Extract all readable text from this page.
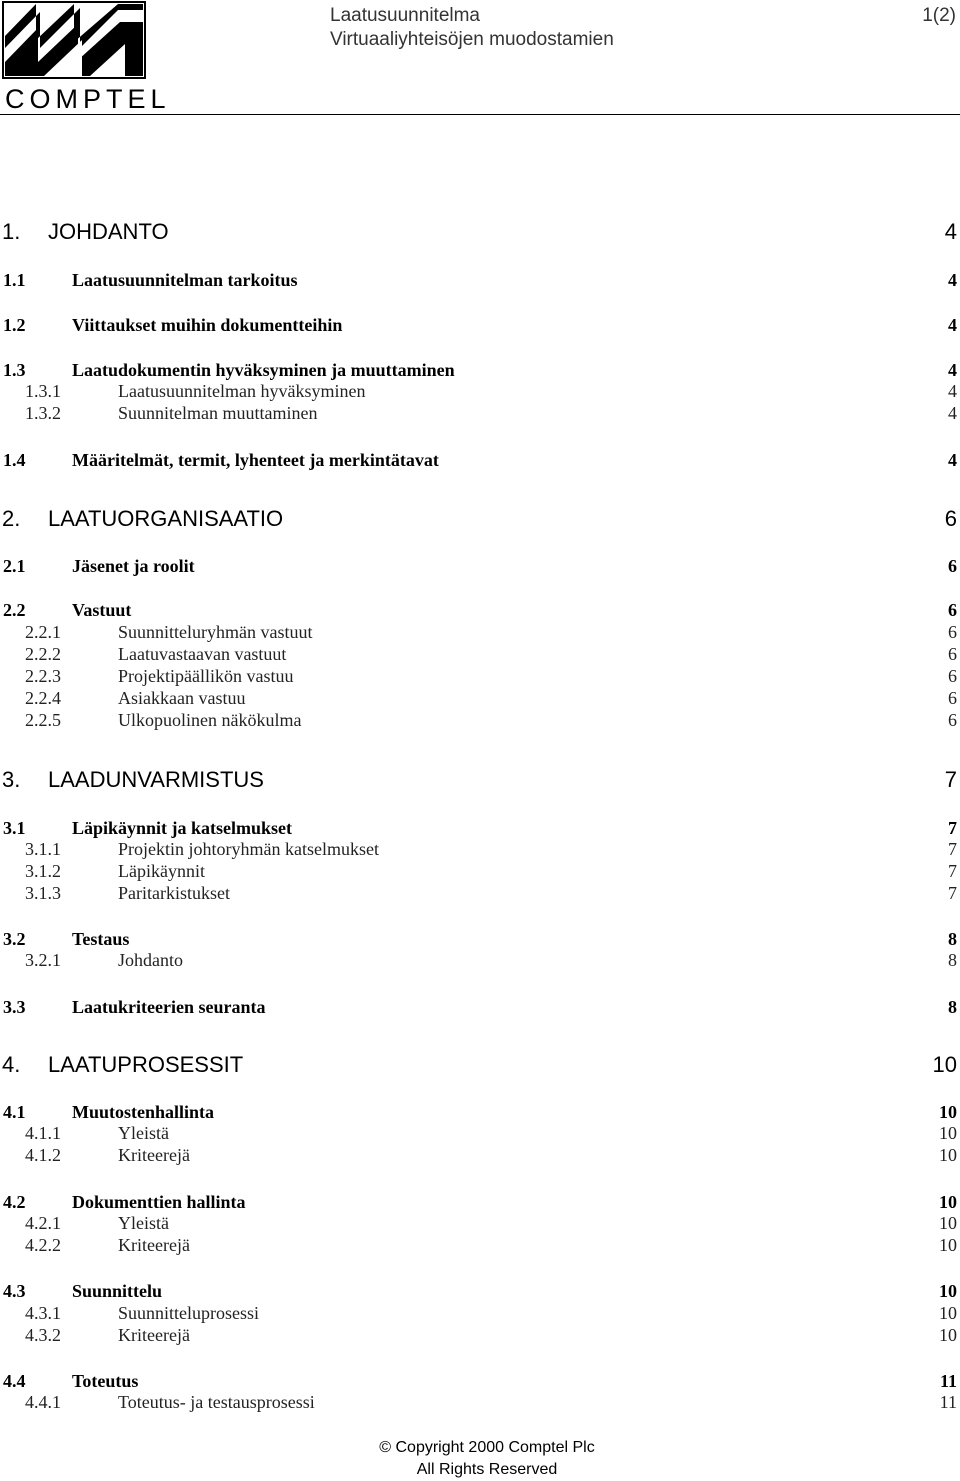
COMPTEL
Laatusuunnitelma
Virtuaaliyhteisöjen muodostamien
1(2)
1. JOHDANTO	4
1.1	Laatusuunnitelman tarkoitus	4
1.2	Viittaukset muihin dokumentteihin	4
1.3	Laatudokumentin hyväksyminen ja muuttaminen	4
1.3.1	Laatusuunnitelman hyväksyminen	4
1.3.2	Suunnitelman muuttaminen	4
1.4	Määritelmät, termit, lyhenteet ja merkintätavat	4
2. LAATUORGANISAATIO	6
2.1	Jäsenet ja roolit	6
2.2	Vastuut	6
2.2.1	Suunnitteluryhmän vastuut	6
2.2.2	Laatuvastaavan vastuut	6
2.2.3	Projektipäällikön vastuu	6
2.2.4	Asiakkaan vastuu	6
2.2.5	Ulkopuolinen näkökulma	6
3. LAADUNVARMISTUS	7
3.1	Läpikäynnit ja katselmukset	7
3.1.1	Projektin johtoryhmän katselmukset	7
3.1.2	Läpikäynnit	7
3.1.3	Paritarkistukset	7
3.2	Testaus	8
3.2.1	Johdanto	8
3.3	Laatukriteerien seuranta	8
4. LAATUPROSESSIT	10
4.1	Muutostenhallinta	10
4.1.1	Yleistä	10
4.1.2	Kriteerejä	10
4.2	Dokumenttien hallinta	10
4.2.1	Yleistä	10
4.2.2	Kriteerejä	10
4.3	Suunnittelu	10
4.3.1	Suunnitteluprosessi	10
4.3.2	Kriteerejä	10
4.4	Toteutus	11
4.4.1	Toteutus- ja testausprosessi	11
© Copyright 2000 Comptel Plc
All Rights Reserved
